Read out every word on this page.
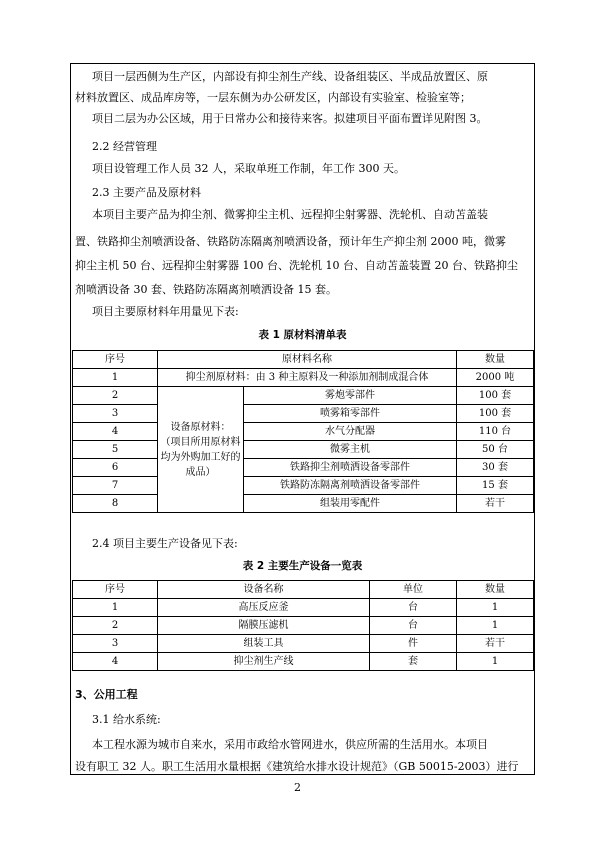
项目一层西侧为生产区，内部设有抑尘剂生产线、设备组装区、半成品放置区、原
材料放置区、成品库房等，一层东侧为办公研发区，内部设有实验室、检验室等；
项目二层为办公区域，用于日常办公和接待来客。拟建项目平面布置详见附图 3。
2.2 经营管理
项目设管理工作人员 32 人，采取单班工作制，年工作 300 天。
2.3 主要产品及原材料
本项目主要产品为抑尘剂、微雾抑尘主机、远程抑尘射雾器、洗轮机、自动苫盖装
置、铁路抑尘剂喷洒设备、铁路防冻隔离剂喷洒设备，预计年生产抑尘剂 2000 吨，微雾
抑尘主机 50 台、远程抑尘射雾器 100 台、洗轮机 10 台、自动苫盖装置 20 台、铁路抑尘
剂喷洒设备 30 套、铁路防冻隔离剂喷洒设备 15 套。
项目主要原材料年用量见下表:
表 1 原材料清单表
序号	原材料名称		数量
1	抑尘剂原材料：由 3 种主原料及一种添加剂制成混合体		2000 吨
2	设备原材料：
（项目所用原材料
均为外购加工好的
成品）	雾炮零部件	100 套
3		喷雾箱零部件	100 套
4		水气分配器	110 台
5		微雾主机	50 台
6		铁路抑尘剂喷洒设备零部件	30 套
7		铁路防冻隔离剂喷洒设备零部件	15 套
8		组装用零配件	若干
2.4 项目主要生产设备见下表:
表 2 主要生产设备一览表
序号	设备名称	单位	数量
1	高压反应釜	台	1
2	隔膜压滤机	台	1
3	组装工具	件	若干
4	抑尘剂生产线	套	1
3、公用工程
3.1 给水系统:
本工程水源为城市自来水，采用市政给水管网进水，供应所需的生活用水。本项目
设有职工 32 人。职工生活用水量根据《建筑给水排水设计规范》（GB 50015-2003）进行
2
